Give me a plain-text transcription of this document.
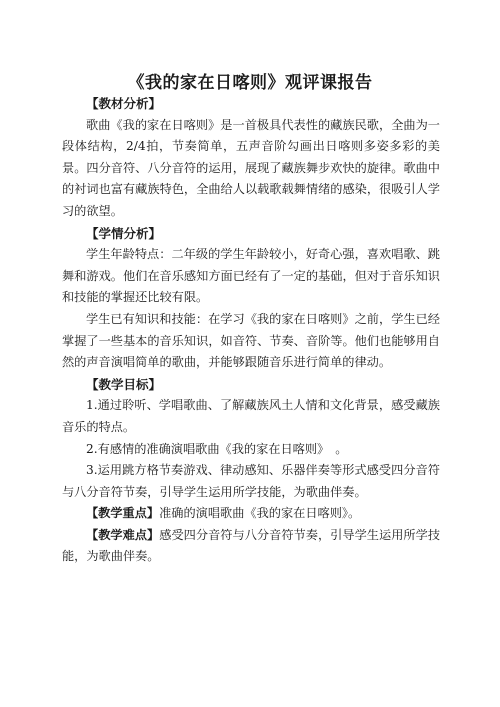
《我的家在日喀则》观评课报告

【教材分析】

歌曲《我的家在日喀则》是一首极具代表性的藏族民歌，全曲为一段体结构，2/4拍，节奏简单，五声音阶勾画出日喀则多姿多彩的美景。四分音符、八分音符的运用，展现了藏族舞步欢快的旋律。歌曲中的衬词也富有藏族特色，全曲给人以载歌载舞情绪的感染，很吸引人学习的欲望。

【学情分析】

学生年龄特点：二年级的学生年龄较小，好奇心强，喜欢唱歌、跳舞和游戏。他们在音乐感知方面已经有了一定的基础，但对于音乐知识和技能的掌握还比较有限。

学生已有知识和技能：在学习《我的家在日喀则》之前，学生已经掌握了一些基本的音乐知识，如音符、节奏、音阶等。他们也能够用自然的声音演唱简单的歌曲，并能够跟随音乐进行简单的律动。

【教学目标】

1.通过聆听、学唱歌曲、了解藏族风土人情和文化背景，感受藏族音乐的特点。

2.有感情的准确演唱歌曲《我的家在日喀则》　。

3.运用跳方格节奏游戏、律动感知、乐器伴奏等形式感受四分音符与八分音符节奏，引导学生运用所学技能，为歌曲伴奏。

【教学重点】准确的演唱歌曲《我的家在日喀则》。

【教学难点】感受四分音符与八分音符节奏，引导学生运用所学技能，为歌曲伴奏。
